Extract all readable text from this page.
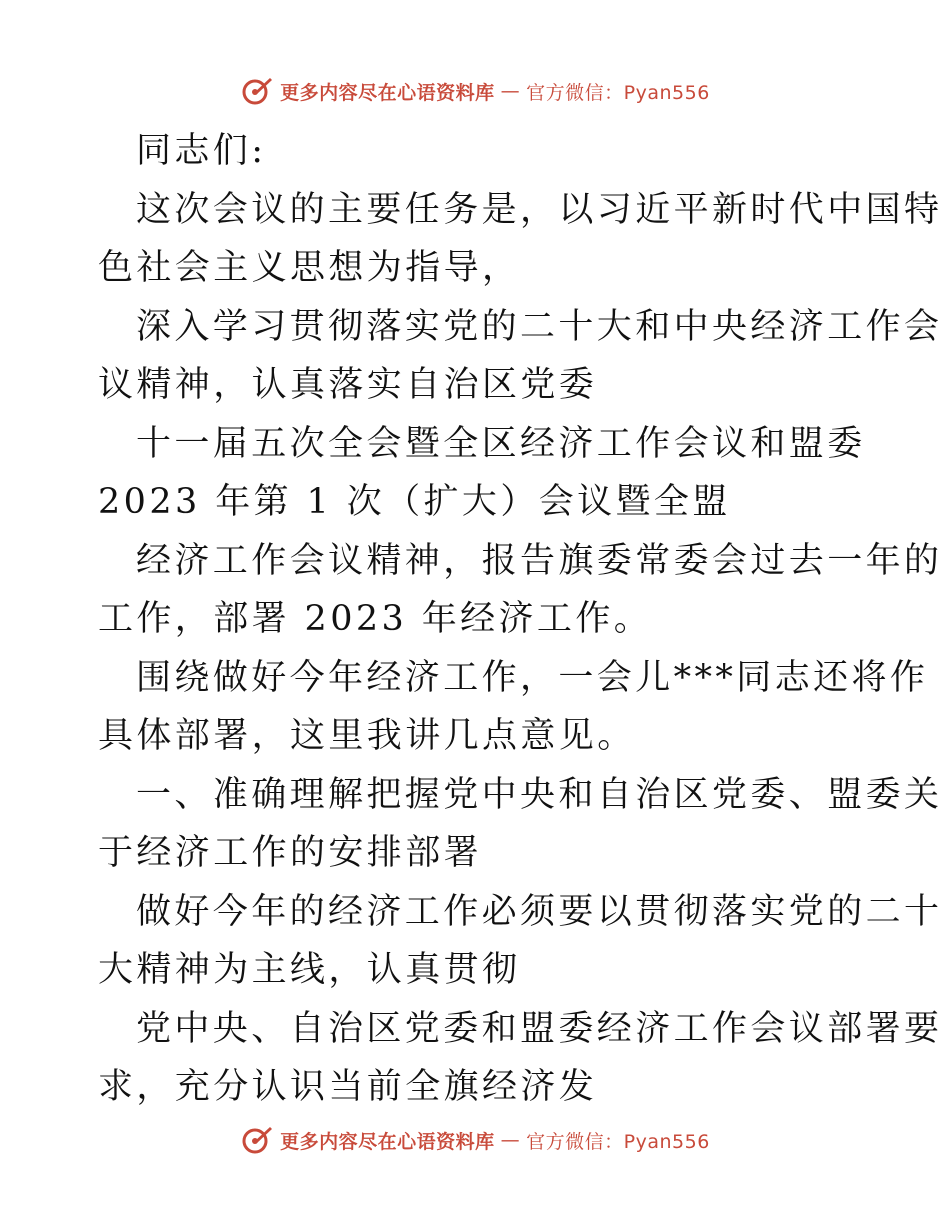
更多内容尽在心语资料库 — 官方微信：Pyan556
同志们:
这次会议的主要任务是，以习近平新时代中国特
色社会主义思想为指导，
深入学习贯彻落实党的二十大和中央经济工作会
议精神，认真落实自治区党委
十一届五次全会暨全区经济工作会议和盟委
2023 年第 1 次（扩大）会议暨全盟
经济工作会议精神，报告旗委常委会过去一年的
工作，部署 2023 年经济工作。
围绕做好今年经济工作，一会儿***同志还将作
具体部署，这里我讲几点意见。
一、准确理解把握党中央和自治区党委、盟委关
于经济工作的安排部署
做好今年的经济工作必须要以贯彻落实党的二十
大精神为主线，认真贯彻
党中央、自治区党委和盟委经济工作会议部署要
求，充分认识当前全旗经济发
更多内容尽在心语资料库 — 官方微信：Pyan556
